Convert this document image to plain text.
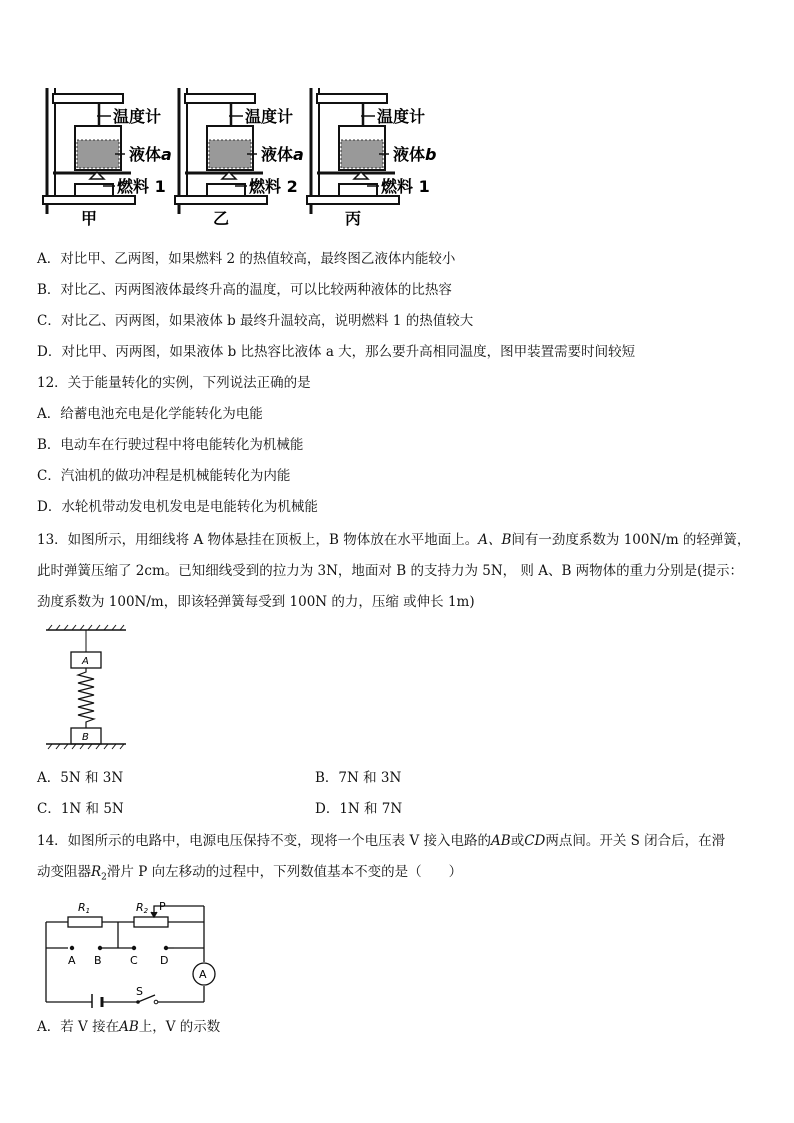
温度计
液体a
燃料 1
甲
温度计
液体a
燃料 2
乙
温度计
液体b
燃料 1
丙
A．对比甲、乙两图，如果燃料 2 的热值较高，最终图乙液体内能较小
B．对比乙、丙两图液体最终升高的温度，可以比较两种液体的比热容
C．对比乙、丙两图，如果液体 b 最终升温较高，说明燃料 1 的热值较大
D．对比甲、丙两图，如果液体 b 比热容比液体 a 大，那么要升高相同温度，图甲装置需要时间较短
12．关于能量转化的实例，下列说法正确的是
A．给蓄电池充电是化学能转化为电能
B．电动车在行驶过程中将电能转化为机械能
C．汽油机的做功冲程是机械能转化为内能
D．水轮机带动发电机发电是电能转化为机械能
13．如图所示，用细线将 A 物体悬挂在顶板上，B 物体放在水平地面上。A、B间有一劲度系数为 100N/m 的轻弹簧，
此时弹簧压缩了 2cm。已知细线受到的拉力为 3N，地面对 B 的支持力为 5N， 则 A、B 两物体的重力分别是(提示：
劲度系数为 100N/m，即该轻弹簧每受到 100N 的力，压缩 或伸长 1m)
A
B
A．5N 和 3N	B．7N 和 3N
C．1N 和 5N	D．1N 和 7N
14．如图所示的电路中，电源电压保持不变，现将一个电压表 V 接入电路的AB或CD两点间。开关 S 闭合后，在滑
动变阻器$R_2$滑片 P 向左移动的过程中，下列数值基本不变的是（　　）
S
A B	C D
A
R1	R2 P
A．若 V 接在AB上，V 的示数
